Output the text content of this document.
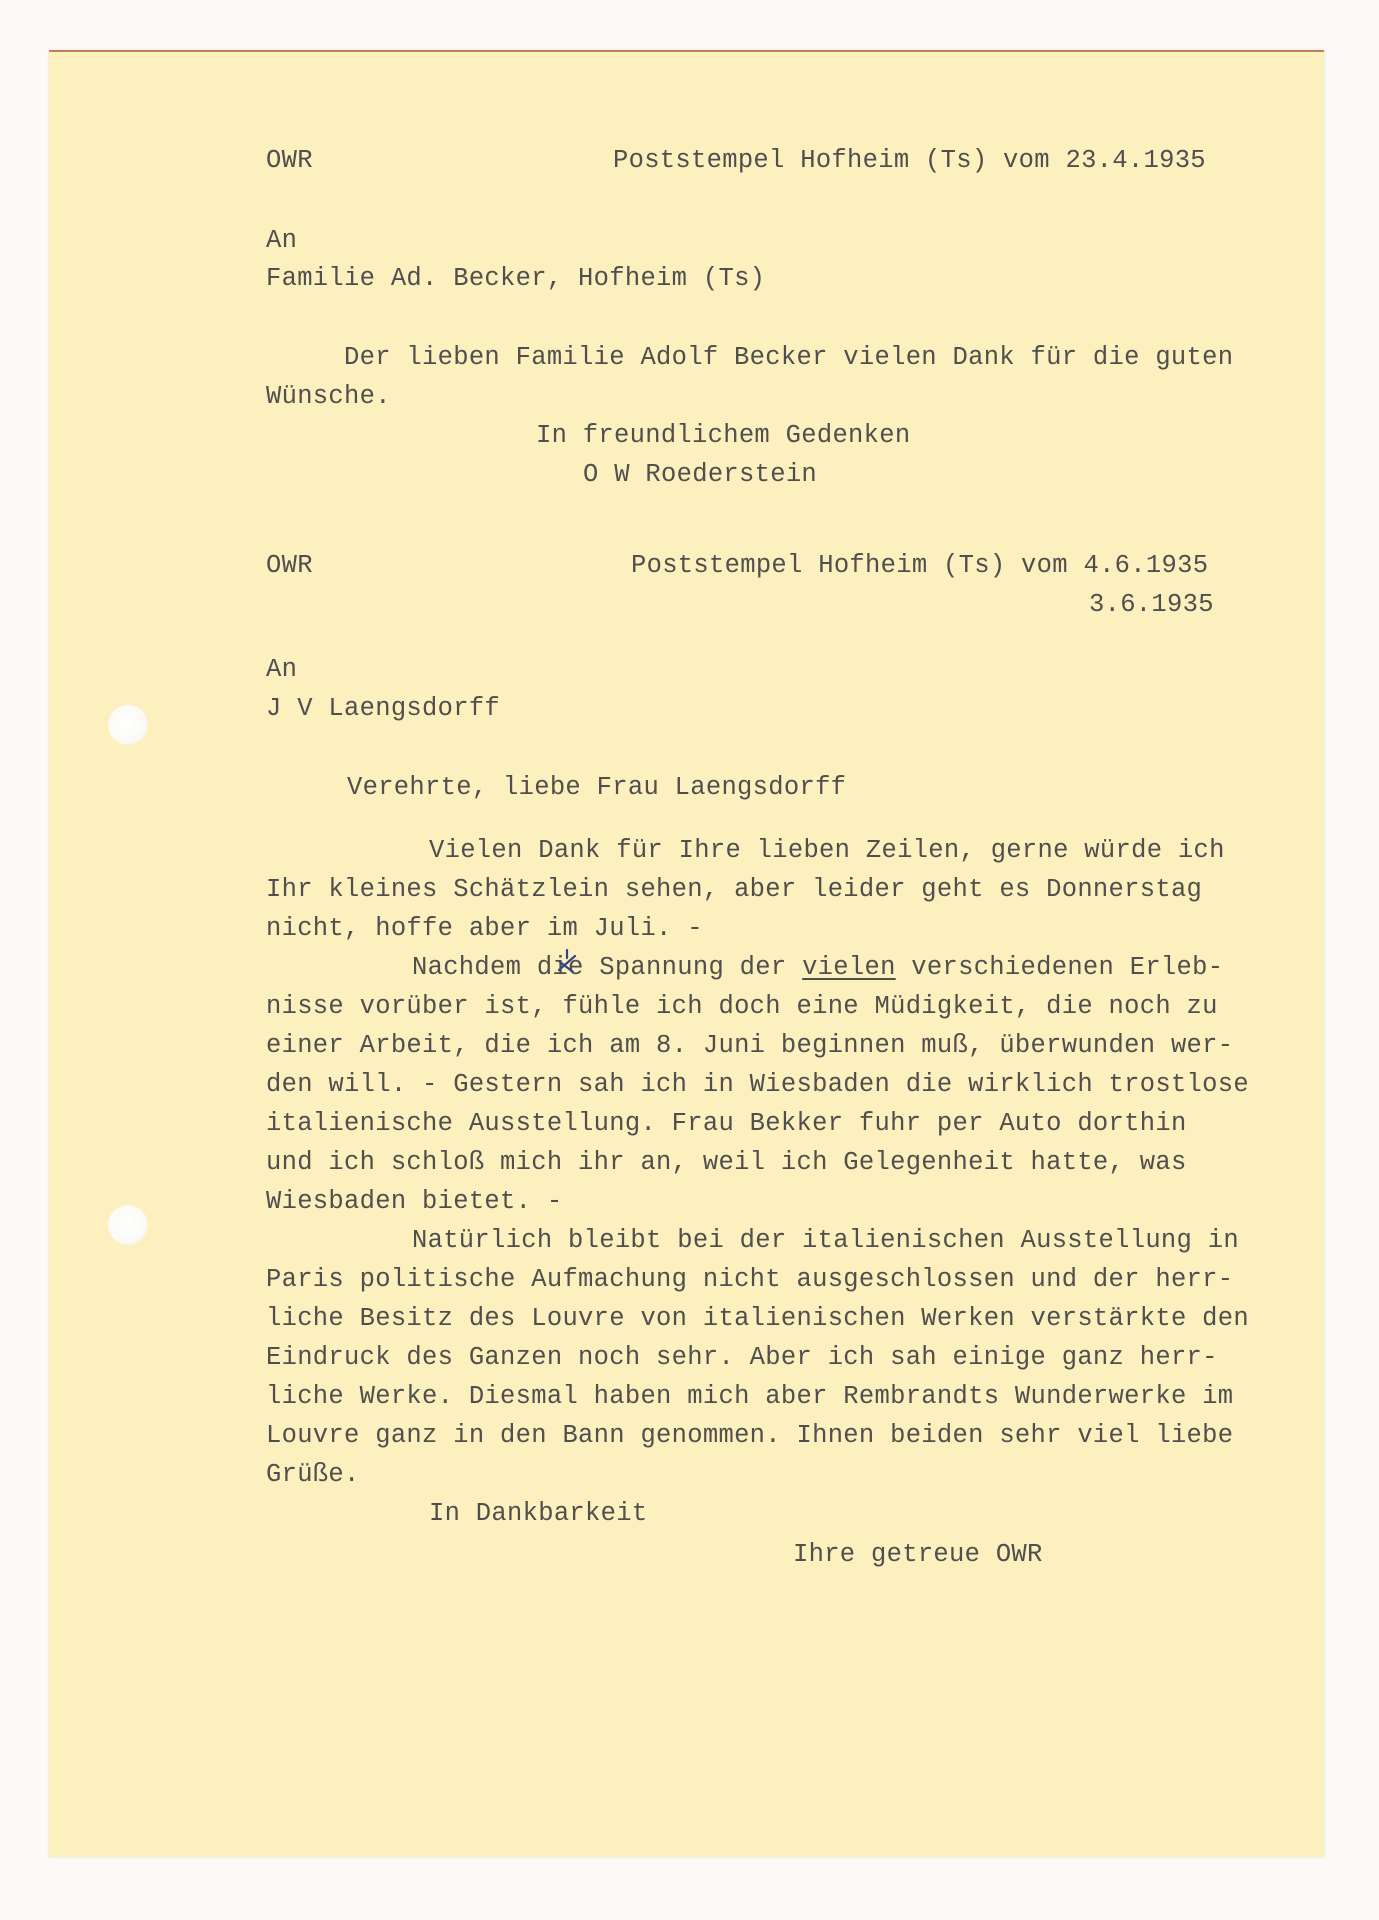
OWR	Poststempel Hofheim (Ts) vom 23.4.1935
An
Familie Ad. Becker, Hofheim (Ts)
Der lieben Familie Adolf Becker vielen Dank für die guten
Wünsche.
In freundlichem Gedenken
O W Roederstein
OWR	Poststempel Hofheim (Ts) vom 4.6.1935
3.6.1935
An
J V Laengsdorff
Verehrte, liebe Frau Laengsdorff
Vielen Dank für Ihre lieben Zeilen, gerne würde ich
Ihr kleines Schätzlein sehen, aber leider geht es Donnerstag
nicht, hoffe aber im Juli. -
Nachdem die Spannung der vielen verschiedenen Erleb-
nisse vorüber ist, fühle ich doch eine Müdigkeit, die noch zu
einer Arbeit, die ich am 8. Juni beginnen muß, überwunden wer-
den will. - Gestern sah ich in Wiesbaden die wirklich trostlose
italienische Ausstellung. Frau Bekker fuhr per Auto dorthin
und ich schloß mich ihr an, weil ich Gelegenheit hatte, was
Wiesbaden bietet. -
Natürlich bleibt bei der italienischen Ausstellung in
Paris politische Aufmachung nicht ausgeschlossen und der herr-
liche Besitz des Louvre von italienischen Werken verstärkte den
Eindruck des Ganzen noch sehr. Aber ich sah einige ganz herr-
liche Werke. Diesmal haben mich aber Rembrandts Wunderwerke im
Louvre ganz in den Bann genommen. Ihnen beiden sehr viel liebe
Grüße.
In Dankbarkeit
Ihre getreue OWR
